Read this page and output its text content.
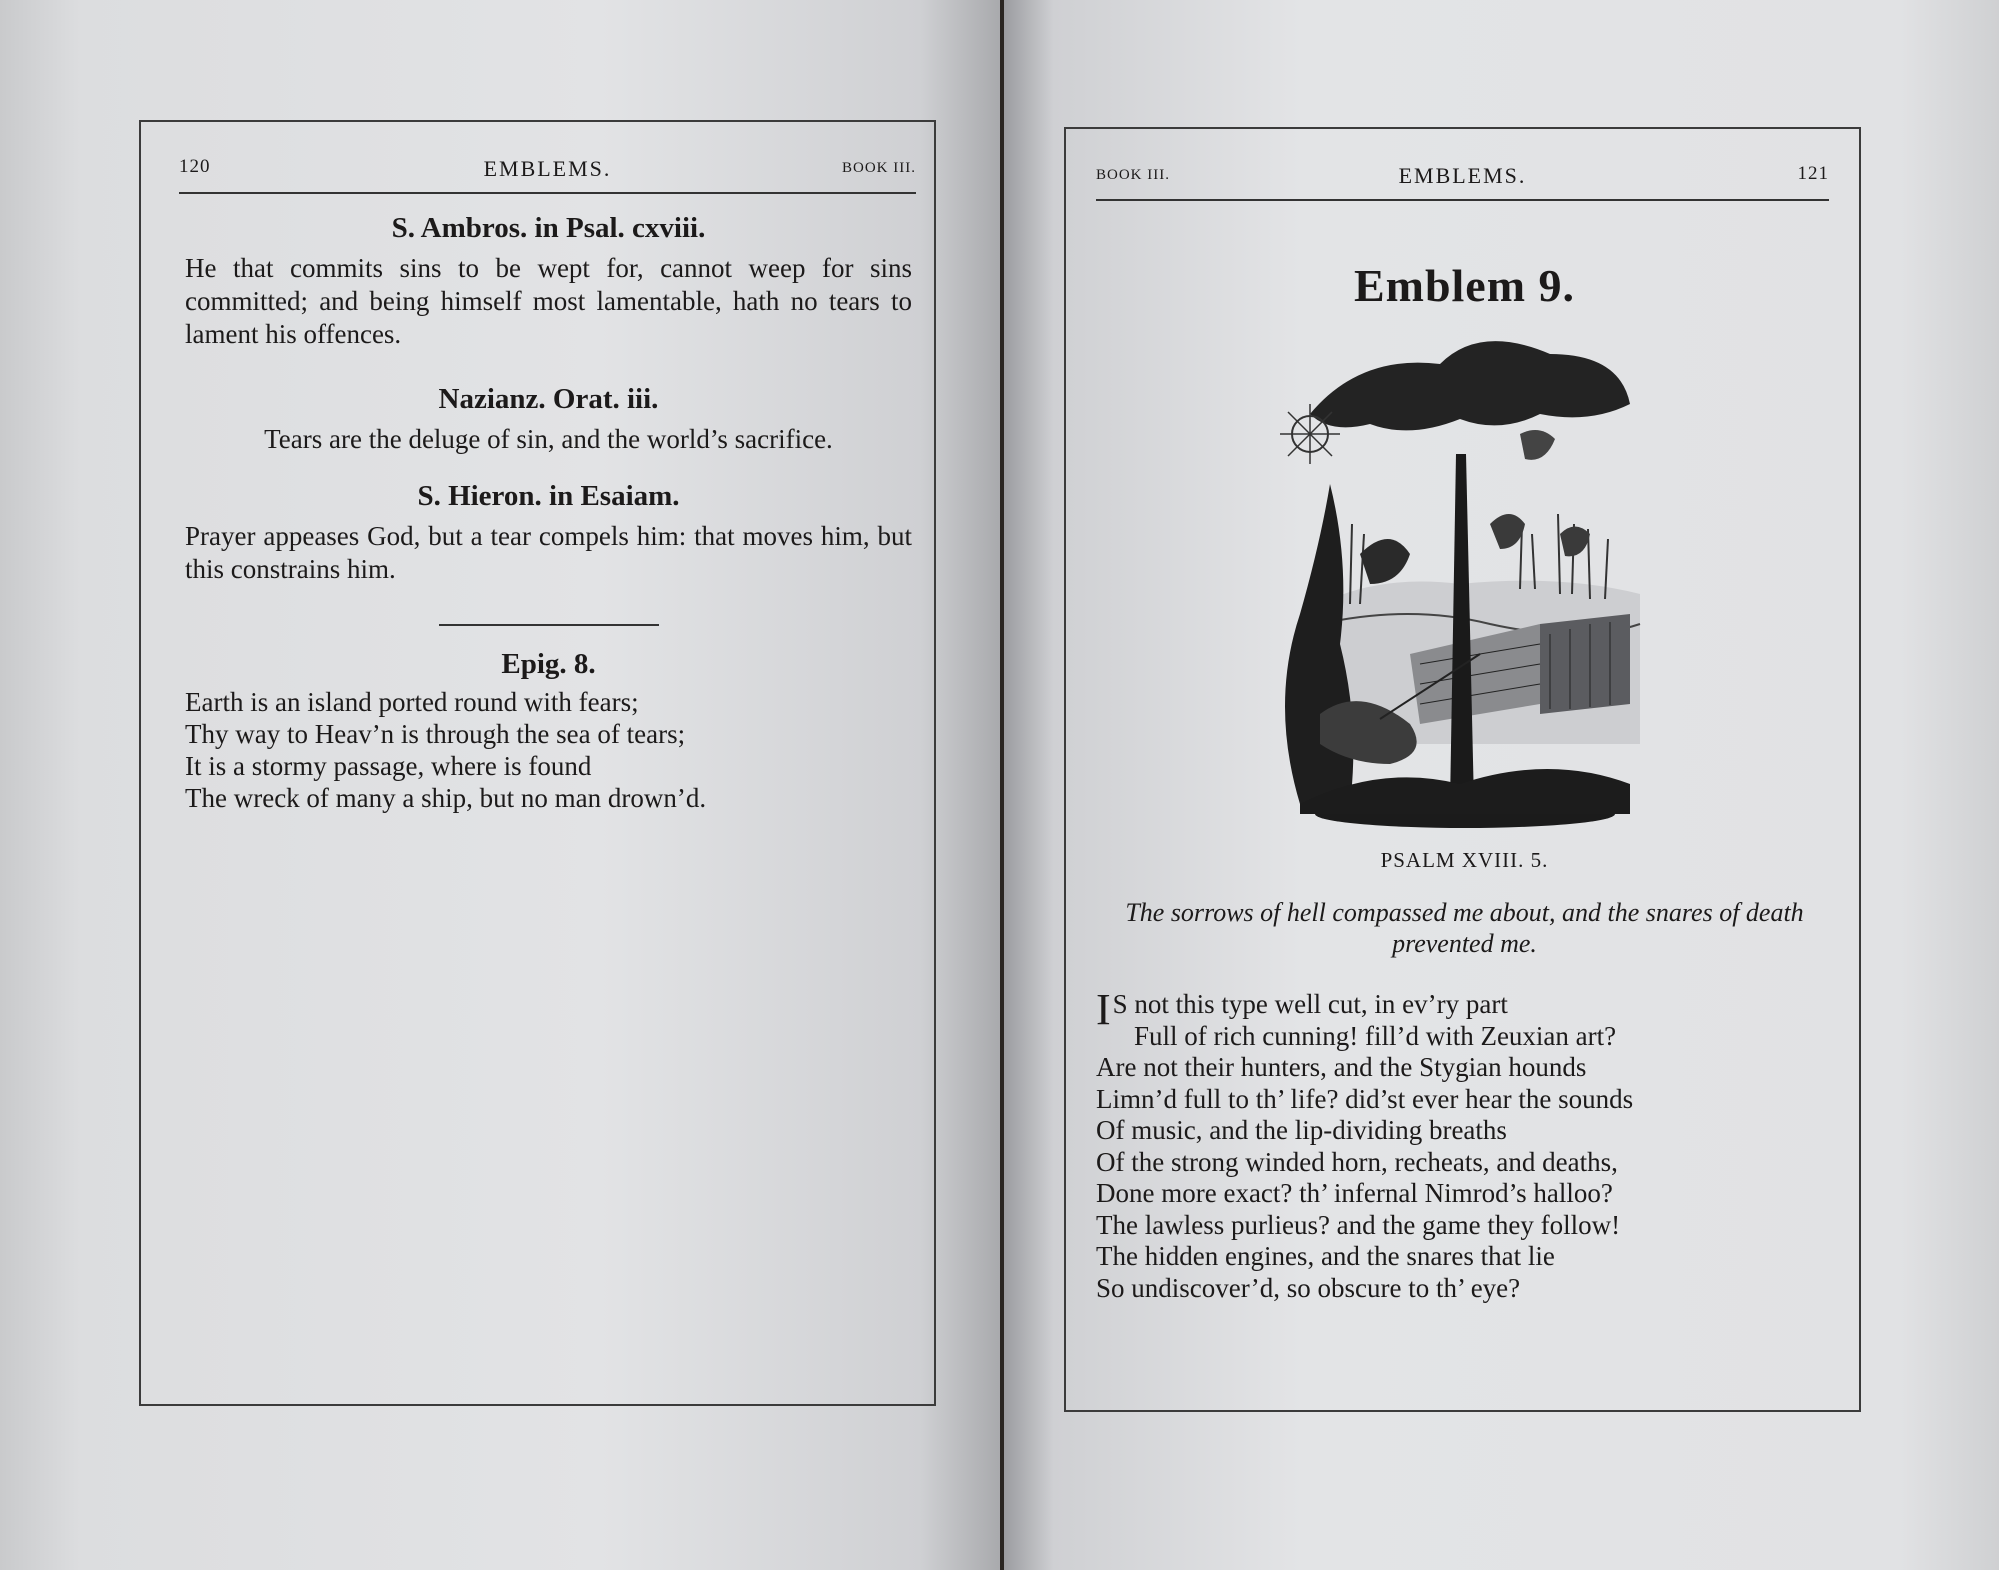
120	EMBLEMS.	BOOK III.
S. Ambros. in Psal. cxviii.

He that commits sins to be wept for, cannot weep for sins committed; and being himself most lamentable, hath no tears to lament his offences.

Nazianz. Orat. iii.

Tears are the deluge of sin, and the world’s sacrifice.

S. Hieron. in Esaiam.

Prayer appeases God, but a tear compels him: that moves him, but this constrains him.

Epig. 8.
Earth is an island ported round with fears;
Thy way to Heav’n is through the sea of tears;
It is a stormy passage, where is found
The wreck of many a ship, but no man drown’d.
BOOK III.	EMBLEMS.	121
Emblem 9.

PSALM XVIII. 5.

The sorrows of hell compassed me about, and the snares of death prevented me.

I S not this type well cut, in ev’ry part
Full of rich cunning! fill’d with Zeuxian art?
Are not their hunters, and the Stygian hounds
Limn’d full to th’ life? did’st ever hear the sounds
Of music, and the lip-dividing breaths
Of the strong winded horn, recheats, and deaths,
Done more exact? th’ infernal Nimrod’s halloo?
The lawless purlieus? and the game they follow!
The hidden engines, and the snares that lie
So undiscover’d, so obscure to th’ eye?
